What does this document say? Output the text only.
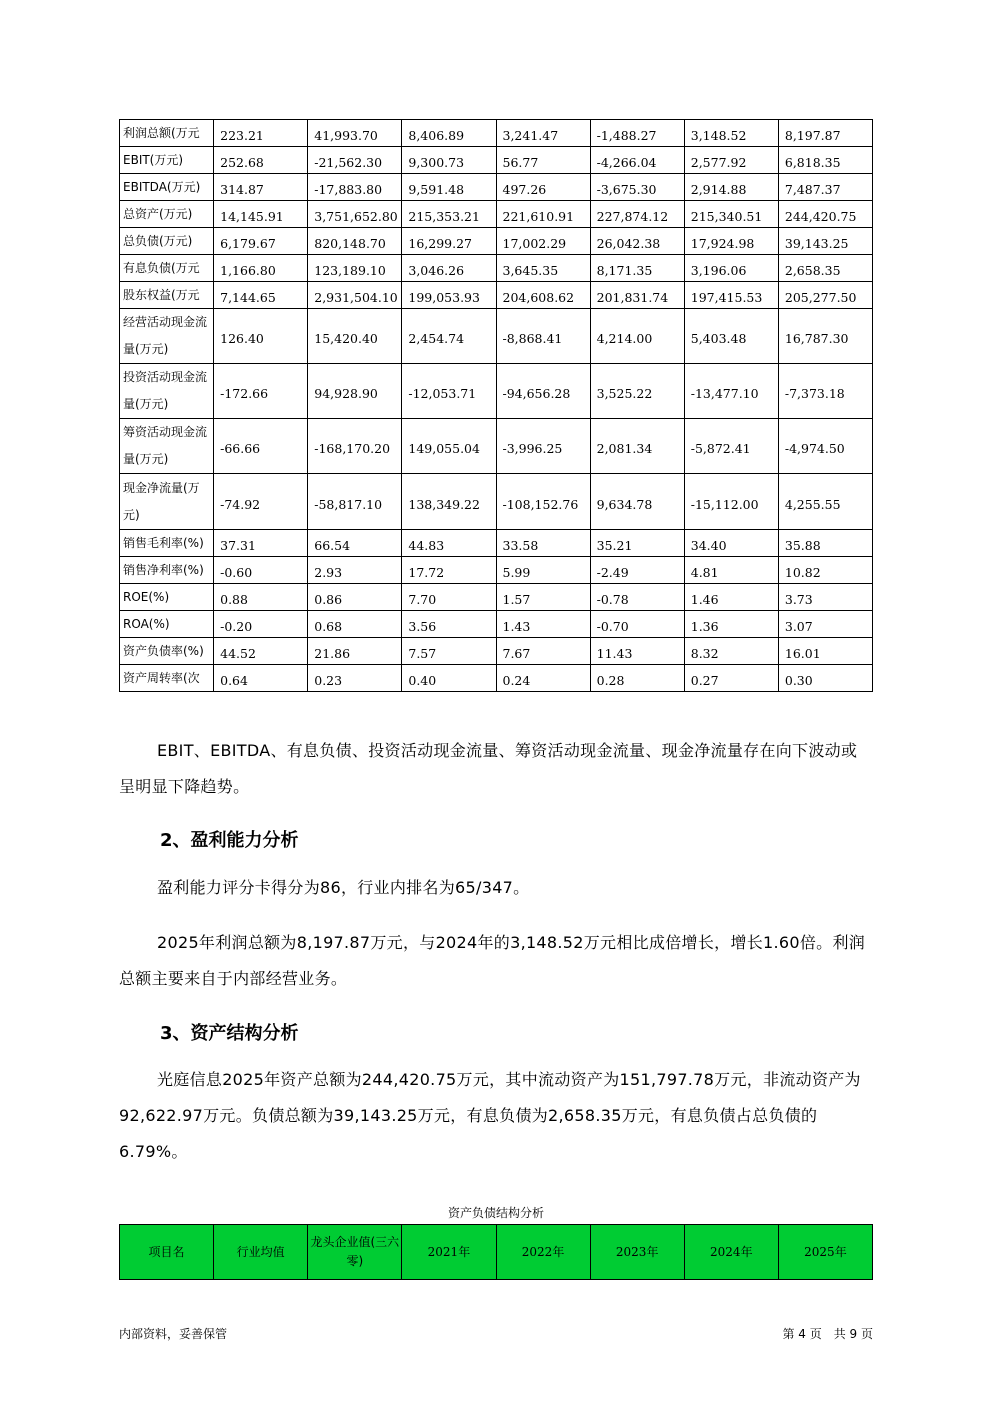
利润总额(万元	223.21	41,993.70	8,406.89	3,241.47	-1,488.27	3,148.52	8,197.87
EBIT(万元)	252.68	-21,562.30	9,300.73	56.77	-4,266.04	2,577.92	6,818.35
EBITDA(万元)	314.87	-17,883.80	9,591.48	497.26	-3,675.30	2,914.88	7,487.37
总资产(万元)	14,145.91	3,751,652.80	215,353.21	221,610.91	227,874.12	215,340.51	244,420.75
总负债(万元)	6,179.67	820,148.70	16,299.27	17,002.29	26,042.38	17,924.98	39,143.25
有息负债(万元	1,166.80	123,189.10	3,046.26	3,645.35	8,171.35	3,196.06	2,658.35
股东权益(万元	7,144.65	2,931,504.10	199,053.93	204,608.62	201,831.74	197,415.53	205,277.50
经营活动现金流量(万元)	126.40	15,420.40	2,454.74	-8,868.41	4,214.00	5,403.48	16,787.30
投资活动现金流量(万元)	-172.66	94,928.90	-12,053.71	-94,656.28	3,525.22	-13,477.10	-7,373.18
筹资活动现金流量(万元)	-66.66	-168,170.20	149,055.04	-3,996.25	2,081.34	-5,872.41	-4,974.50
现金净流量(万元)	-74.92	-58,817.10	138,349.22	-108,152.76	9,634.78	-15,112.00	4,255.55
销售毛利率(%)	37.31	66.54	44.83	33.58	35.21	34.40	35.88
销售净利率(%)	-0.60	2.93	17.72	5.99	-2.49	4.81	10.82
ROE(%)	0.88	0.86	7.70	1.57	-0.78	1.46	3.73
ROA(%)	-0.20	0.68	3.56	1.43	-0.70	1.36	3.07
资产负债率(%)	44.52	21.86	7.57	7.67	11.43	8.32	16.01
资产周转率(次	0.64	0.23	0.40	0.24	0.28	0.27	0.30

EBIT、EBITDA、有息负债、投资活动现金流量、筹资活动现金流量、现金净流量存在向下波动或呈明显下降趋势。

2、盈利能力分析

盈利能力评分卡得分为86，行业内排名为65/347。

2025年利润总额为8,197.87万元，与2024年的3,148.52万元相比成倍增长，增长1.60倍。利润总额主要来自于内部经营业务。

3、资产结构分析

光庭信息2025年资产总额为244,420.75万元，其中流动资产为151,797.78万元，非流动资产为92,622.97万元。负债总额为39,143.25万元，有息负债为2,658.35万元，有息负债占总负债的6.79%。

资产负债结构分析
项目名	行业均值	龙头企业值(三六零)	2021年	2022年	2023年	2024年	2025年
内部资料，妥善保管	第 4 页　共 9 页
